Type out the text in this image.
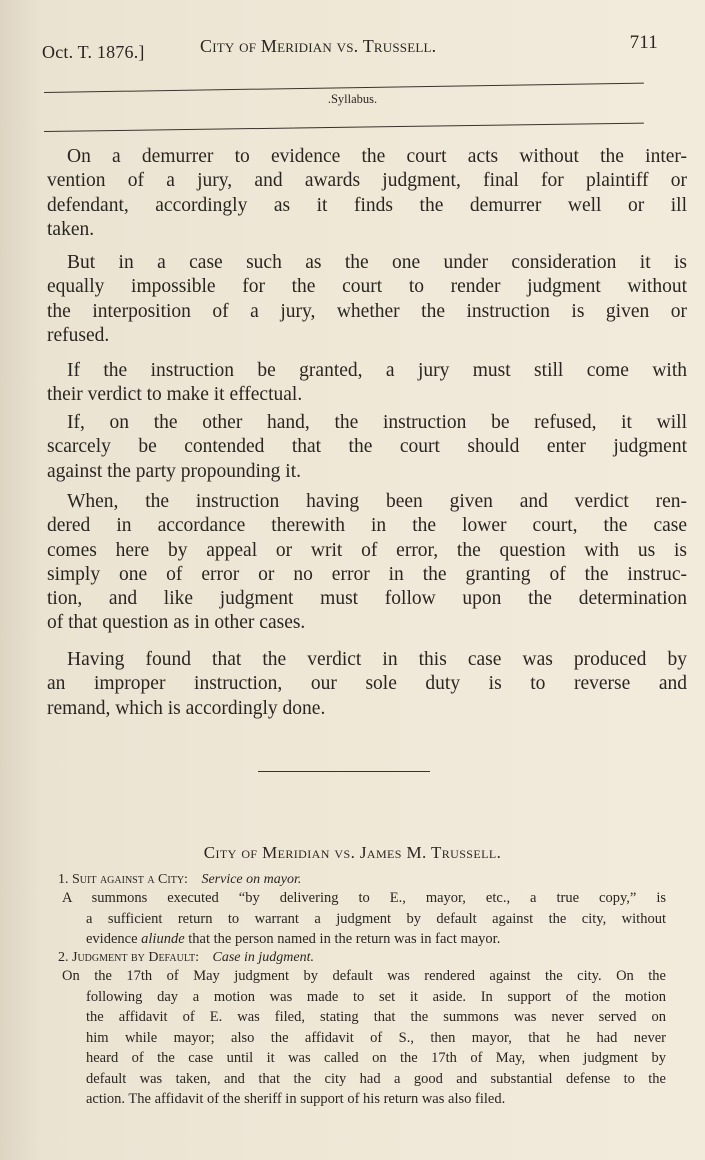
Oct. T. 1876.]	City of Meridian vs. Trussell.	711
.Syllabus.
On a demurrer to evidence the court acts without the inter-
vention of a jury, and awards judgment, final for plaintiff or
defendant, accordingly as it finds the demurrer well or ill
taken.
But in a case such as the one under consideration it is
equally impossible for the court to render judgment without
the interposition of a jury, whether the instruction is given or
refused.
If the instruction be granted, a jury must still come with
their verdict to make it effectual.
If, on the other hand, the instruction be refused, it will
scarcely be contended that the court should enter judgment
against the party propounding it.
When, the instruction having been given and verdict ren-
dered in accordance therewith in the lower court, the case
comes here by appeal or writ of error, the question with us is
simply one of error or no error in the granting of the instruc-
tion, and like judgment must follow upon the determination
of that question as in other cases.
Having found that the verdict in this case was produced by
an improper instruction, our sole duty is to reverse and
remand, which is accordingly done.
City of Meridian vs. James M. Trussell.
1. Suit against a City: Service on mayor.
A summons executed “by delivering to E., mayor, etc., a true copy,” is
a sufficient return to warrant a judgment by default against the city, without
evidence aliunde that the person named in the return was in fact mayor.
2. Judgment by Default: Case in judgment.
On the 17th of May judgment by default was rendered against the city. On the
following day a motion was made to set it aside. In support of the motion
the affidavit of E. was filed, stating that the summons was never served on
him while mayor; also the affidavit of S., then mayor, that he had never
heard of the case until it was called on the 17th of May, when judgment by
default was taken, and that the city had a good and substantial defense to the
action. The affidavit of the sheriff in support of his return was also filed.
